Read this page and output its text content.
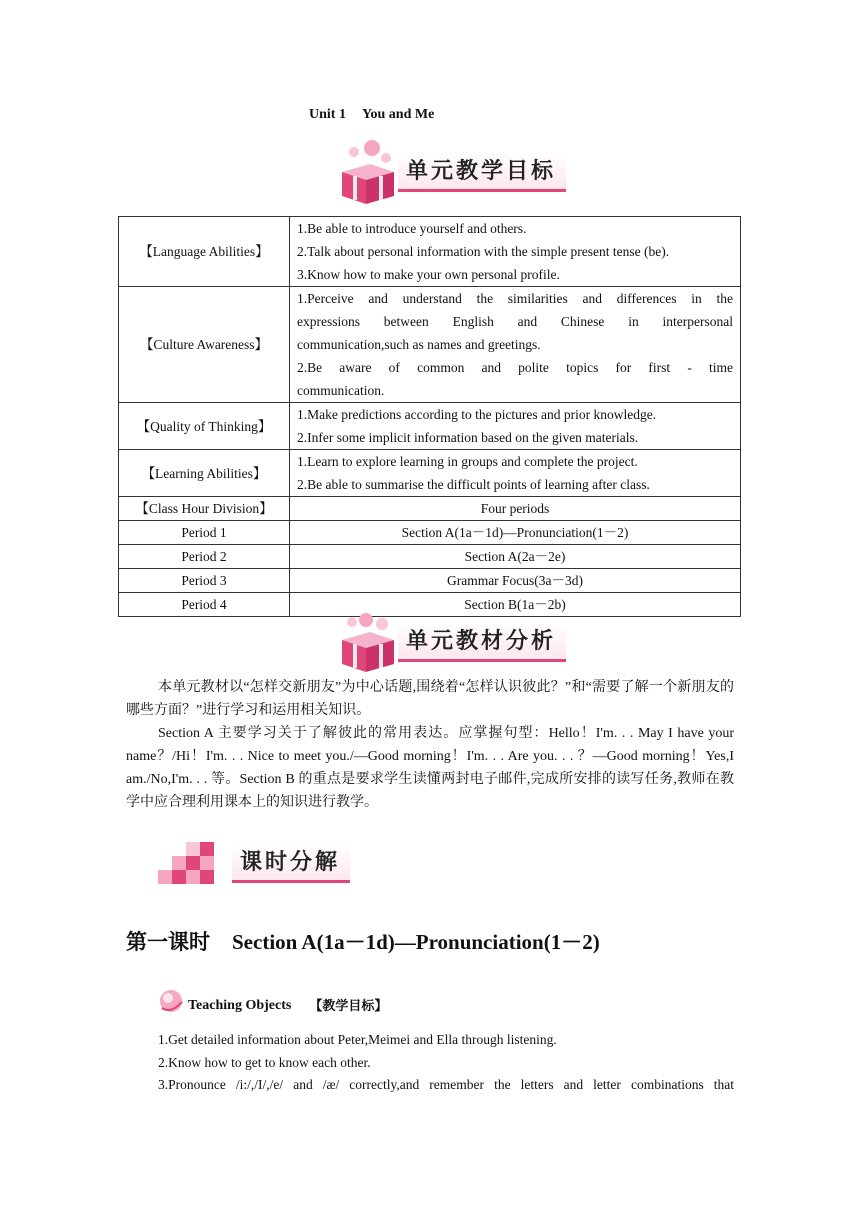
Unit 1 You and Me
单元教学目标
【Language Abilities】	1.Be able to introduce yourself and others.
2.Talk about personal information with the simple present tense (be).
3.Know how to make your own personal profile.

【Culture Awareness】	1.Perceive and understand the similarities and differences in the
expressions between English and Chinese in interpersonal
communication,such as names and greetings.
2.Be aware of common and polite topics for first - time
communication.

【Quality of Thinking】	1.Make predictions according to the pictures and prior knowledge.
2.Infer some implicit information based on the given materials.

【Learning Abilities】	1.Learn to explore learning in groups and complete the project.
2.Be able to summarise the difficult points of learning after class.

【Class Hour Division】	Four periods
Period 1	Section A(1a－1d)—Pronunciation(1－2)
Period 2	Section A(2a－2e)
Period 3	Grammar Focus(3a－3d)
Period 4	Section B(1a－2b)
单元教材分析

本单元教材以“怎样交新朋友”为中心话题,围绕着“怎样认识彼此？”和“需要了解一个新朋友的哪些方面？”进行学习和运用相关知识。

Section A 主要学习关于了解彼此的常用表达。应掌握句型：Hello！I'm. . . May I have your name？/Hi！I'm. . . Nice to meet you./—Good morning！I'm. . . Are you. . . ？—Good morning！Yes,I am./No,I'm. . . 等。Section B 的重点是要求学生读懂两封电子邮件,完成所安排的读写任务,教师在教学中应合理利用课本上的知识进行教学。

课时分解
第一课时 Section A(1a－1d)—Pronunciation(1－2)
Teaching Objects 【教学目标】
1.Get detailed information about Peter,Meimei and Ella through listening.
2.Know how to get to know each other.
3.Pronounce /i:/,/I/,/e/ and /æ/ correctly,and remember the letters and letter combinations that
